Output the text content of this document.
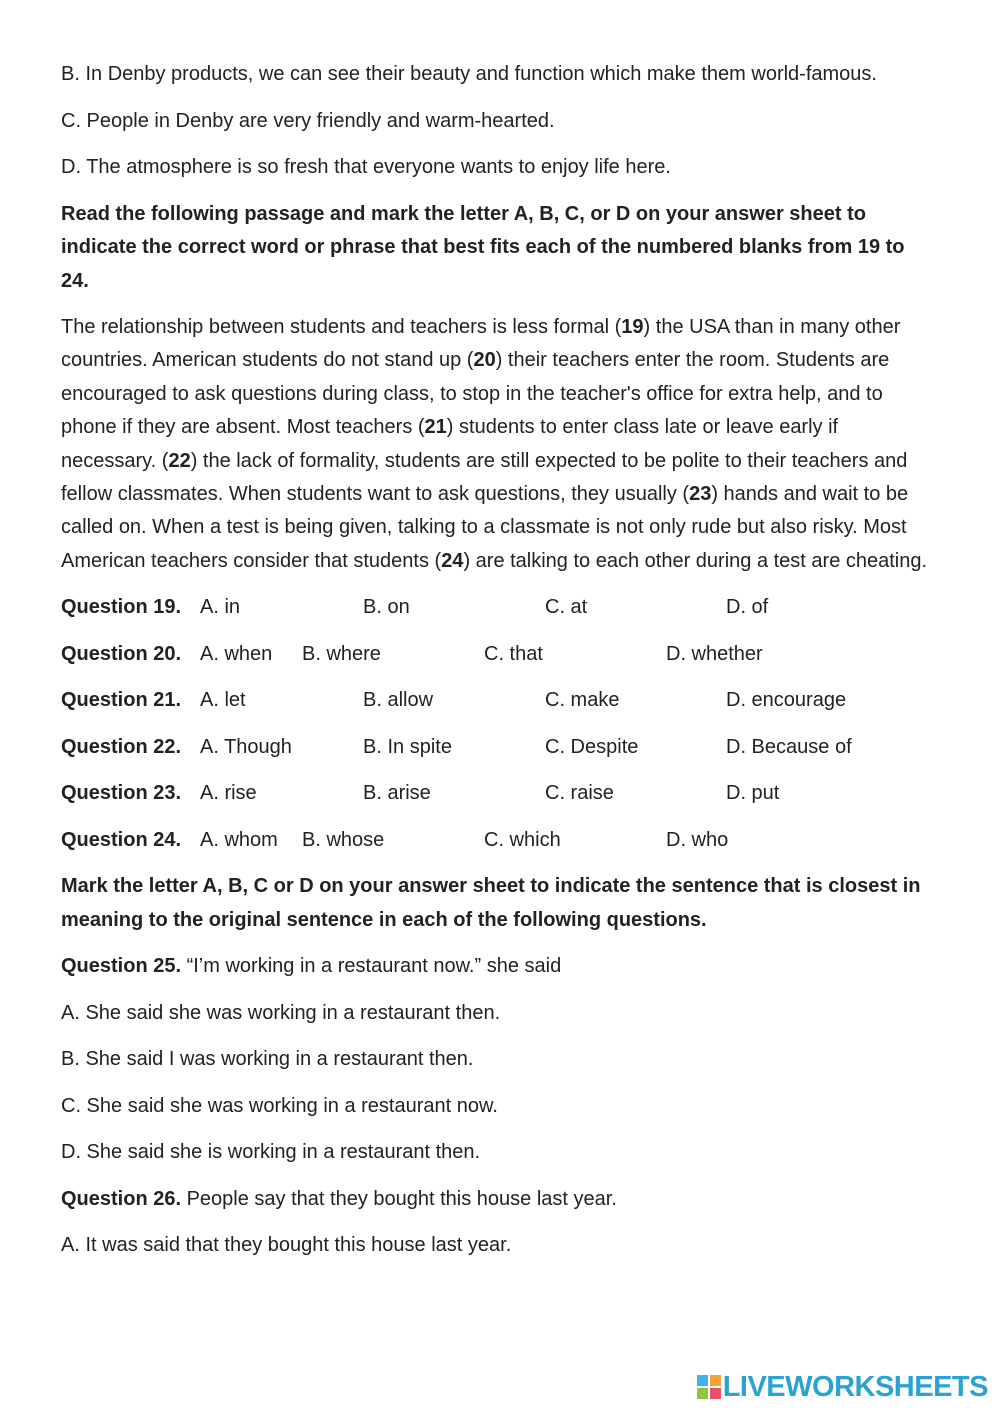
B. In Denby products, we can see their beauty and function which make them world-famous.

C. People in Denby are very friendly and warm-hearted.

D. The atmosphere is so fresh that everyone wants to enjoy life here.

Read the following passage and mark the letter A, B, C, or D on your answer sheet to indicate the correct word or phrase that best fits each of the numbered blanks from 19 to 24.

The relationship between students and teachers is less formal (19) the USA than in many other countries. American students do not stand up (20) their teachers enter the room. Students are encouraged to ask questions during class, to stop in the teacher's office for extra help, and to phone if they are absent. Most teachers (21) students to enter class late or leave early if necessary. (22) the lack of formality, students are still expected to be polite to their teachers and fellow classmates. When students want to ask questions, they usually (23) hands and wait to be called on. When a test is being given, talking to a classmate is not only rude but also risky. Most American teachers consider that students (24) are talking to each other during a test are cheating.

Question 19. A. in	B. on	C. at	D. of
Question 20. A. when B. where	C. that	D. whether
Question 21. A. let	B. allow	C. make	D. encourage
Question 22. A. Though	B. In spite	C. Despite	D. Because of
Question 23. A. rise	B. arise	C. raise	D. put
Question 24. A. whom B. whose	C. which	D. who

Mark the letter A, B, C or D on your answer sheet to indicate the sentence that is closest in meaning to the original sentence in each of the following questions.

Question 25. “I’m working in a restaurant now.” she said

A. She said she was working in a restaurant then.

B. She said I was working in a restaurant then.

C. She said she was working in a restaurant now.

D. She said she is working in a restaurant then.

Question 26. People say that they bought this house last year.

A. It was said that they bought this house last year.

LIVEWORKSHEETS
